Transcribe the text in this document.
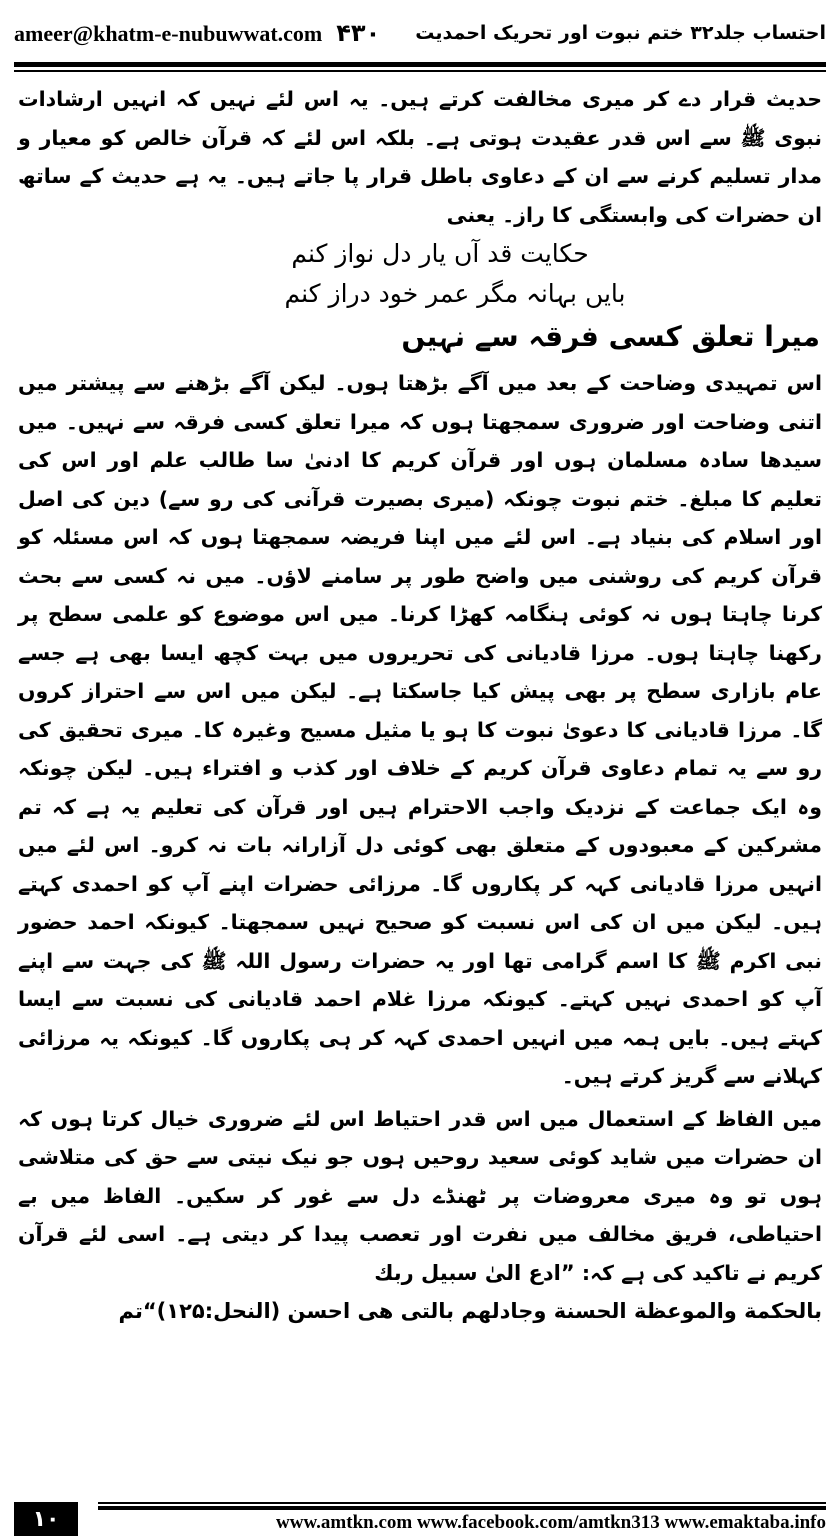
ameer@khatm-e-nubuwwat.com ۴۳۰ احتساب جلد۳۲ ختم نبوت اور تحریک احمدیت

حدیث قرار دے کر میری مخالفت کرتے ہیں۔ یہ اس لئے نہیں کہ انہیں ارشادات نبوی ﷺ سے اس قدر عقیدت ہوتی ہے۔ بلکہ اس لئے کہ قرآن خالص کو معیار و مدار تسلیم کرنے سے ان کے دعاوی باطل قرار پا جاتے ہیں۔ یہ ہے حدیث کے ساتھ ان حضرات کی وابستگی کا راز۔ یعنی

حکایت قد آں یار دل نواز کنم
بایں بہانہ مگر عمر خود دراز کنم

میرا تعلق کسی فرقہ سے نہیں

اس تمہیدی وضاحت کے بعد میں آگے بڑھتا ہوں۔ لیکن آگے بڑھنے سے پیشتر میں اتنی وضاحت اور ضروری سمجھتا ہوں کہ میرا تعلق کسی فرقہ سے نہیں۔ میں سیدھا سادہ مسلمان ہوں اور قرآن کریم کا ادنیٰ سا طالب علم اور اس کی تعلیم کا مبلغ۔ ختم نبوت چونکہ (میری بصیرت قرآنی کی رو سے) دین کی اصل اور اسلام کی بنیاد ہے۔ اس لئے میں اپنا فریضہ سمجھتا ہوں کہ اس مسئلہ کو قرآن کریم کی روشنی میں واضح طور پر سامنے لاؤں۔ میں نہ کسی سے بحث کرنا چاہتا ہوں نہ کوئی ہنگامہ کھڑا کرنا۔ میں اس موضوع کو علمی سطح پر رکھنا چاہتا ہوں۔ مرزا قادیانی کی تحریروں میں بہت کچھ ایسا بھی ہے جسے عام بازاری سطح پر بھی پیش کیا جاسکتا ہے۔ لیکن میں اس سے احتراز کروں گا۔ مرزا قادیانی کا دعویٰ نبوت کا ہو یا مثیل مسیح وغیرہ کا۔ میری تحقیق کی رو سے یہ تمام دعاوی قرآن کریم کے خلاف اور کذب و افتراء ہیں۔ لیکن چونکہ وہ ایک جماعت کے نزدیک واجب الاحترام ہیں اور قرآن کی تعلیم یہ ہے کہ تم مشرکین کے معبودوں کے متعلق بھی کوئی دل آزارانہ بات نہ کرو۔ اس لئے میں انہیں مرزا قادیانی کہہ کر پکاروں گا۔ مرزائی حضرات اپنے آپ کو احمدی کہتے ہیں۔ لیکن میں ان کی اس نسبت کو صحیح نہیں سمجھتا۔ کیونکہ احمد حضور نبی اکرم ﷺ کا اسم گرامی تھا اور یہ حضرات رسول اللہ ﷺ کی جہت سے اپنے آپ کو احمدی نہیں کہتے۔ کیونکہ مرزا غلام احمد قادیانی کی نسبت سے ایسا کہتے ہیں۔ بایں ہمہ میں انہیں احمدی کہہ کر ہی پکاروں گا۔ کیونکہ یہ مرزائی کہلانے سے گریز کرتے ہیں۔

میں الفاظ کے استعمال میں اس قدر احتیاط اس لئے ضروری خیال کرتا ہوں کہ ان حضرات میں شاید کوئی سعید روحیں ہوں جو نیک نیتی سے حق کی متلاشی ہوں تو وہ میری معروضات پر ٹھنڈے دل سے غور کر سکیں۔ الفاظ میں بے احتیاطی، فریق مخالف میں نفرت اور تعصب پیدا کر دیتی ہے۔ اسی لئے قرآن کریم نے تاکید کی ہے کہ: ”ادع الیٰ سبیل ربك

بالحکمة والموعظة الحسنة وجادلهم بالتی هی احسن (النحل:۱۲۵)“تم

۱۰	www.amtkn.com www.facebook.com/amtkn313 www.emaktaba.info
